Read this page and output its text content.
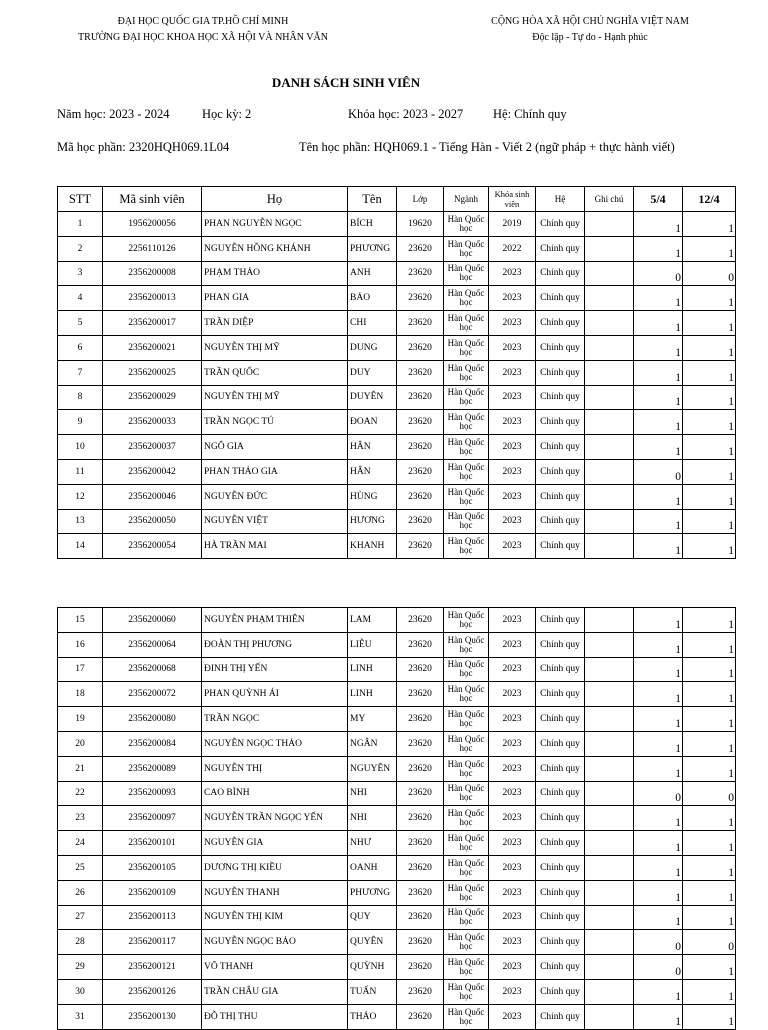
ĐẠI HỌC QUỐC GIA TP.HỒ CHÍ MINH
TRƯỜNG ĐẠI HỌC KHOA HỌC XÃ HỘI VÀ NHÂN VĂN
CỘNG HÒA XÃ HỘI CHỦ NGHĨA VIỆT NAM
Độc lập - Tự do - Hạnh phúc
DANH SÁCH SINH VIÊN
Năm học: 2023 - 2024	Học kỳ: 2	Khóa học: 2023 - 2027 Hệ: Chính quy
Mã học phần: 2320HQH069.1L04	Tên học phần: HQH069.1 - Tiếng Hàn - Viết 2 (ngữ pháp + thực hành viết)
STT	Mã sinh viên	Họ	Tên	Lớp	Ngành	Khóa sinh viên	Hệ	Ghi chú	5/4	12/4
1	1956200056	PHAN NGUYỄN NGỌC	BÍCH	19620	Hàn Quốc học	2019	Chính quy		1	1
2	2256110126	NGUYỄN HỒNG KHÁNH	PHƯƠNG	23620	Hàn Quốc học	2022	Chính quy		1	1
3	2356200008	PHẠM THẢO	ANH	23620	Hàn Quốc học	2023	Chính quy		0	0
4	2356200013	PHAN GIA	BẢO	23620	Hàn Quốc học	2023	Chính quy		1	1
5	2356200017	TRẦN DIỆP	CHI	23620	Hàn Quốc học	2023	Chính quy		1	1
6	2356200021	NGUYỄN THỊ MỸ	DUNG	23620	Hàn Quốc học	2023	Chính quy		1	1
7	2356200025	TRẦN QUỐC	DUY	23620	Hàn Quốc học	2023	Chính quy		1	1
8	2356200029	NGUYỄN THỊ MỸ	DUYÊN	23620	Hàn Quốc học	2023	Chính quy		1	1
9	2356200033	TRẦN NGỌC TÚ	ĐOAN	23620	Hàn Quốc học	2023	Chính quy		1	1
10	2356200037	NGÔ GIA	HÂN	23620	Hàn Quốc học	2023	Chính quy		1	1
11	2356200042	PHAN THẢO GIA	HÂN	23620	Hàn Quốc học	2023	Chính quy		0	1
12	2356200046	NGUYỄN ĐỨC	HÙNG	23620	Hàn Quốc học	2023	Chính quy		1	1
13	2356200050	NGUYỄN VIỆT	HƯƠNG	23620	Hàn Quốc học	2023	Chính quy		1	1
14	2356200054	HÀ TRẦN MAI	KHANH	23620	Hàn Quốc học	2023	Chính quy		1	1
15	2356200060	NGUYỄN PHẠM THIÊN	LAM	23620	Hàn Quốc học	2023	Chính quy		1	1
16	2356200064	ĐOÀN THỊ PHƯƠNG	LIỄU	23620	Hàn Quốc học	2023	Chính quy		1	1
17	2356200068	ĐINH THỊ YẾN	LINH	23620	Hàn Quốc học	2023	Chính quy		1	1
18	2356200072	PHAN QUỲNH ÁI	LINH	23620	Hàn Quốc học	2023	Chính quy		1	1
19	2356200080	TRẦN NGỌC	MY	23620	Hàn Quốc học	2023	Chính quy		1	1
20	2356200084	NGUYỄN NGỌC THẢO	NGÂN	23620	Hàn Quốc học	2023	Chính quy		1	1
21	2356200089	NGUYỄN THỊ	NGUYÊN	23620	Hàn Quốc học	2023	Chính quy		1	1
22	2356200093	CAO BÌNH	NHI	23620	Hàn Quốc học	2023	Chính quy		0	0
23	2356200097	NGUYỄN TRẦN NGỌC YẾN	NHI	23620	Hàn Quốc học	2023	Chính quy		1	1
24	2356200101	NGUYỄN GIA	NHƯ	23620	Hàn Quốc học	2023	Chính quy		1	1
25	2356200105	DƯƠNG THỊ KIỀU	OANH	23620	Hàn Quốc học	2023	Chính quy		1	1
26	2356200109	NGUYỄN THANH	PHƯƠNG	23620	Hàn Quốc học	2023	Chính quy		1	1
27	2356200113	NGUYỄN THỊ KIM	QUY	23620	Hàn Quốc học	2023	Chính quy		1	1
28	2356200117	NGUYỄN NGỌC BẢO	QUYÊN	23620	Hàn Quốc học	2023	Chính quy		0	0
29	2356200121	VÕ THANH	QUỲNH	23620	Hàn Quốc học	2023	Chính quy		0	1
30	2356200126	TRẦN CHÂU GIA	TUẤN	23620	Hàn Quốc học	2023	Chính quy		1	1
31	2356200130	ĐỖ THỊ THU	THẢO	23620	Hàn Quốc học	2023	Chính quy		1	1
